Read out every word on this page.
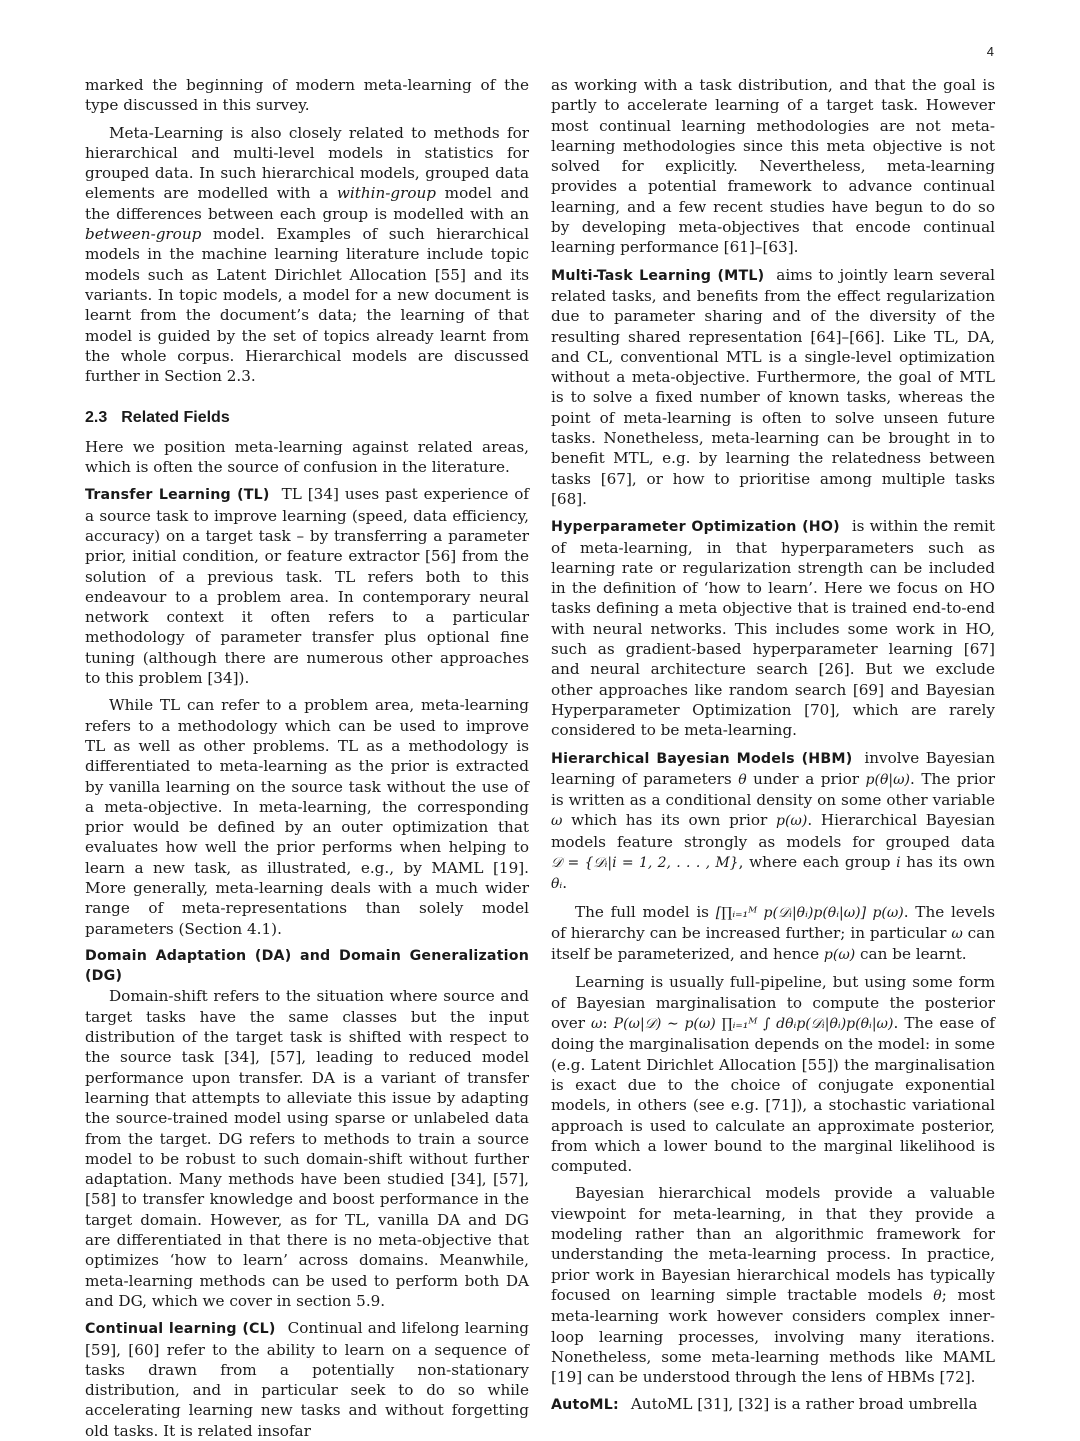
4

marked the beginning of modern meta-learning of the type discussed in this survey.

Meta-Learning is also closely related to methods for hierarchical and multi-level models in statistics for grouped data. In such hierarchical models, grouped data elements are modelled with a within-group model and the differences between each group is modelled with an between-group model. Examples of such hierarchical models in the machine learning literature include topic models such as Latent Dirichlet Allocation [55] and its variants. In topic models, a model for a new document is learnt from the document’s data; the learning of that model is guided by the set of topics already learnt from the whole corpus. Hierarchical models are discussed further in Section 2.3.

2.3 Related Fields

Here we position meta-learning against related areas, which is often the source of confusion in the literature.

Transfer Learning (TL) TL [34] uses past experience of a source task to improve learning (speed, data efficiency, accuracy) on a target task – by transferring a parameter prior, initial condition, or feature extractor [56] from the solution of a previous task. TL refers both to this endeavour to a problem area. In contemporary neural network context it often refers to a particular methodology of parameter transfer plus optional fine tuning (although there are numerous other approaches to this problem [34]).

While TL can refer to a problem area, meta-learning refers to a methodology which can be used to improve TL as well as other problems. TL as a methodology is differentiated to meta-learning as the prior is extracted by vanilla learning on the source task without the use of a meta-objective. In meta-learning, the corresponding prior would be defined by an outer optimization that evaluates how well the prior performs when helping to learn a new task, as illustrated, e.g., by MAML [19]. More generally, meta-learning deals with a much wider range of meta-representations than solely model parameters (Section 4.1).

Domain Adaptation (DA) and Domain Generalization (DG)
Domain-shift refers to the situation where source and target tasks have the same classes but the input distribution of the target task is shifted with respect to the source task [34], [57], leading to reduced model performance upon transfer. DA is a variant of transfer learning that attempts to alleviate this issue by adapting the source-trained model using sparse or unlabeled data from the target. DG refers to methods to train a source model to be robust to such domain-shift without further adaptation. Many methods have been studied [34], [57], [58] to transfer knowledge and boost performance in the target domain. However, as for TL, vanilla DA and DG are differentiated in that there is no meta-objective that optimizes ‘how to learn’ across domains. Meanwhile, meta-learning methods can be used to perform both DA and DG, which we cover in section 5.9.

Continual learning (CL) Continual and lifelong learning [59], [60] refer to the ability to learn on a sequence of tasks drawn from a potentially non-stationary distribution, and in particular seek to do so while accelerating learning new tasks and without forgetting old tasks. It is related insofar

as working with a task distribution, and that the goal is partly to accelerate learning of a target task. However most continual learning methodologies are not meta-learning methodologies since this meta objective is not solved for explicitly. Nevertheless, meta-learning provides a potential framework to advance continual learning, and a few recent studies have begun to do so by developing meta-objectives that encode continual learning performance [61]–[63].

Multi-Task Learning (MTL) aims to jointly learn several related tasks, and benefits from the effect regularization due to parameter sharing and of the diversity of the resulting shared representation [64]–[66]. Like TL, DA, and CL, conventional MTL is a single-level optimization without a meta-objective. Furthermore, the goal of MTL is to solve a fixed number of known tasks, whereas the point of meta-learning is often to solve unseen future tasks. Nonetheless, meta-learning can be brought in to benefit MTL, e.g. by learning the relatedness between tasks [67], or how to prioritise among multiple tasks [68].

Hyperparameter Optimization (HO) is within the remit of meta-learning, in that hyperparameters such as learning rate or regularization strength can be included in the definition of ‘how to learn’. Here we focus on HO tasks defining a meta objective that is trained end-to-end with neural networks. This includes some work in HO, such as gradient-based hyperparameter learning [67] and neural architecture search [26]. But we exclude other approaches like random search [69] and Bayesian Hyperparameter Optimization [70], which are rarely considered to be meta-learning.

Hierarchical Bayesian Models (HBM) involve Bayesian learning of parameters θ under a prior p(θ|ω). The prior is written as a conditional density on some other variable ω which has its own prior p(ω). Hierarchical Bayesian models feature strongly as models for grouped data 𝒟 = {𝒟ᵢ|i = 1, 2, . . . , M}, where each group i has its own θᵢ.

The full model is [∏ᵢ₌₁ᴹ p(𝒟ᵢ|θᵢ)p(θᵢ|ω)] p(ω). The levels of hierarchy can be increased further; in particular ω can itself be parameterized, and hence p(ω) can be learnt.

Learning is usually full-pipeline, but using some form of Bayesian marginalisation to compute the posterior over ω: P(ω|𝒟) ∼ p(ω) ∏ᵢ₌₁ᴹ ∫ dθᵢp(𝒟ᵢ|θᵢ)p(θᵢ|ω). The ease of doing the marginalisation depends on the model: in some (e.g. Latent Dirichlet Allocation [55]) the marginalisation is exact due to the choice of conjugate exponential models, in others (see e.g. [71]), a stochastic variational approach is used to calculate an approximate posterior, from which a lower bound to the marginal likelihood is computed.

Bayesian hierarchical models provide a valuable viewpoint for meta-learning, in that they provide a modeling rather than an algorithmic framework for understanding the meta-learning process. In practice, prior work in Bayesian hierarchical models has typically focused on learning simple tractable models θ; most meta-learning work however considers complex inner-loop learning processes, involving many iterations. Nonetheless, some meta-learning methods like MAML [19] can be understood through the lens of HBMs [72].

AutoML: AutoML [31], [32] is a rather broad umbrella
